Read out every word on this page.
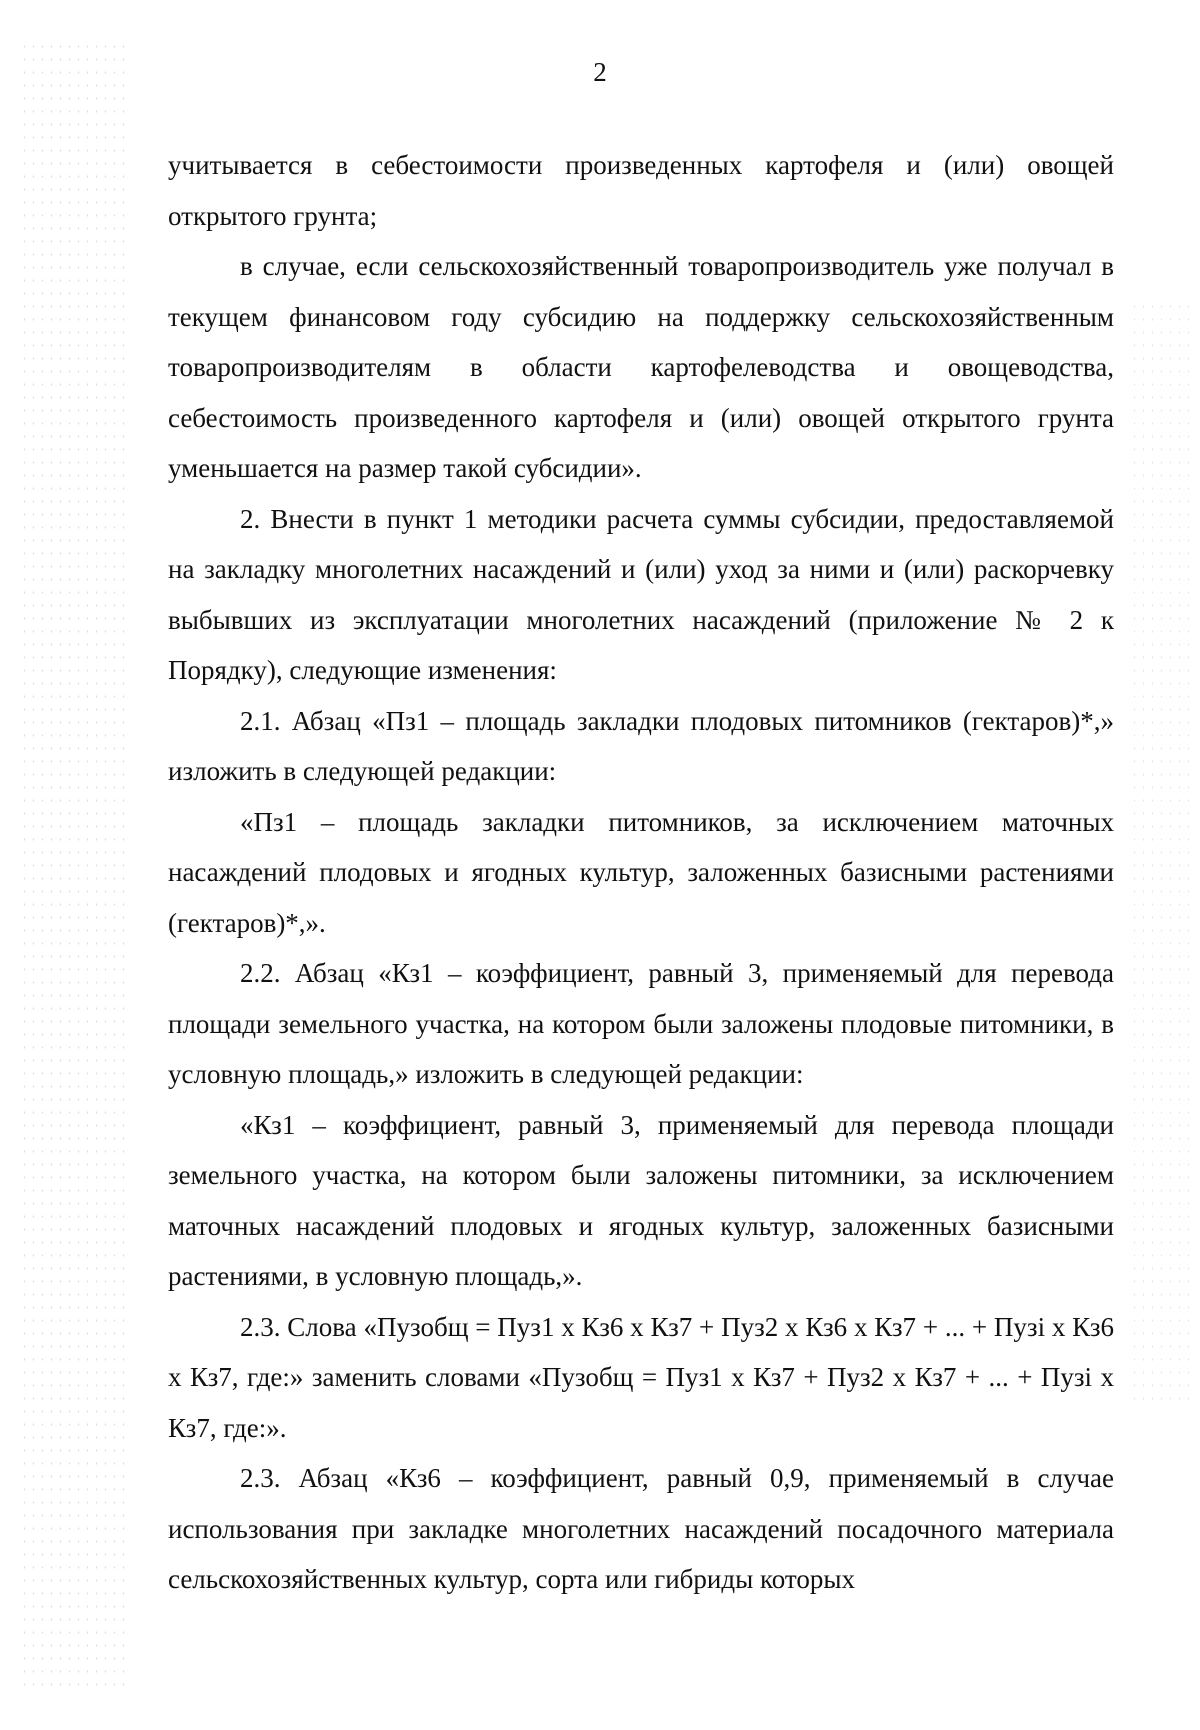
2

учитывается в себестоимости произведенных картофеля и (или) овощей открытого грунта;

в случае, если сельскохозяйственный товаропроизводитель уже получал в текущем финансовом году субсидию на поддержку сельскохозяйственным товаропроизводителям в области картофелеводства и овощеводства, себестоимость произведенного картофеля и (или) овощей открытого грунта уменьшается на размер такой субсидии».

2. Внести в пункт 1 методики расчета суммы субсидии, предоставляемой на закладку многолетних насаждений и (или) уход за ними и (или) раскорчевку выбывших из эксплуатации многолетних насаждений (приложение № 2 к Порядку), следующие изменения:

2.1. Абзац «Пз1 – площадь закладки плодовых питомников (гектаров)*,» изложить в следующей редакции:

«Пз1 – площадь закладки питомников, за исключением маточных насаждений плодовых и ягодных культур, заложенных базисными растениями (гектаров)*,».

2.2. Абзац «Кз1 – коэффициент, равный 3, применяемый для перевода площади земельного участка, на котором были заложены плодовые питомники, в условную площадь,» изложить в следующей редакции:

«Кз1 – коэффициент, равный 3, применяемый для перевода площади земельного участка, на котором были заложены питомники, за исключением маточных насаждений плодовых и ягодных культур, заложенных базисными растениями, в условную площадь,».

2.3. Слова «Пузобщ = Пуз1 х Кз6 х Кз7 + Пуз2 х Кз6 х Кз7 + ... + Пузi х Кз6 х Кз7, где:» заменить словами «Пузобщ = Пуз1 х Кз7 + Пуз2 х Кз7 + ... + Пузi х Кз7, где:».

2.3. Абзац «Кз6 – коэффициент, равный 0,9, применяемый в случае использования при закладке многолетних насаждений посадочного материала сельскохозяйственных культур, сорта или гибриды которых
